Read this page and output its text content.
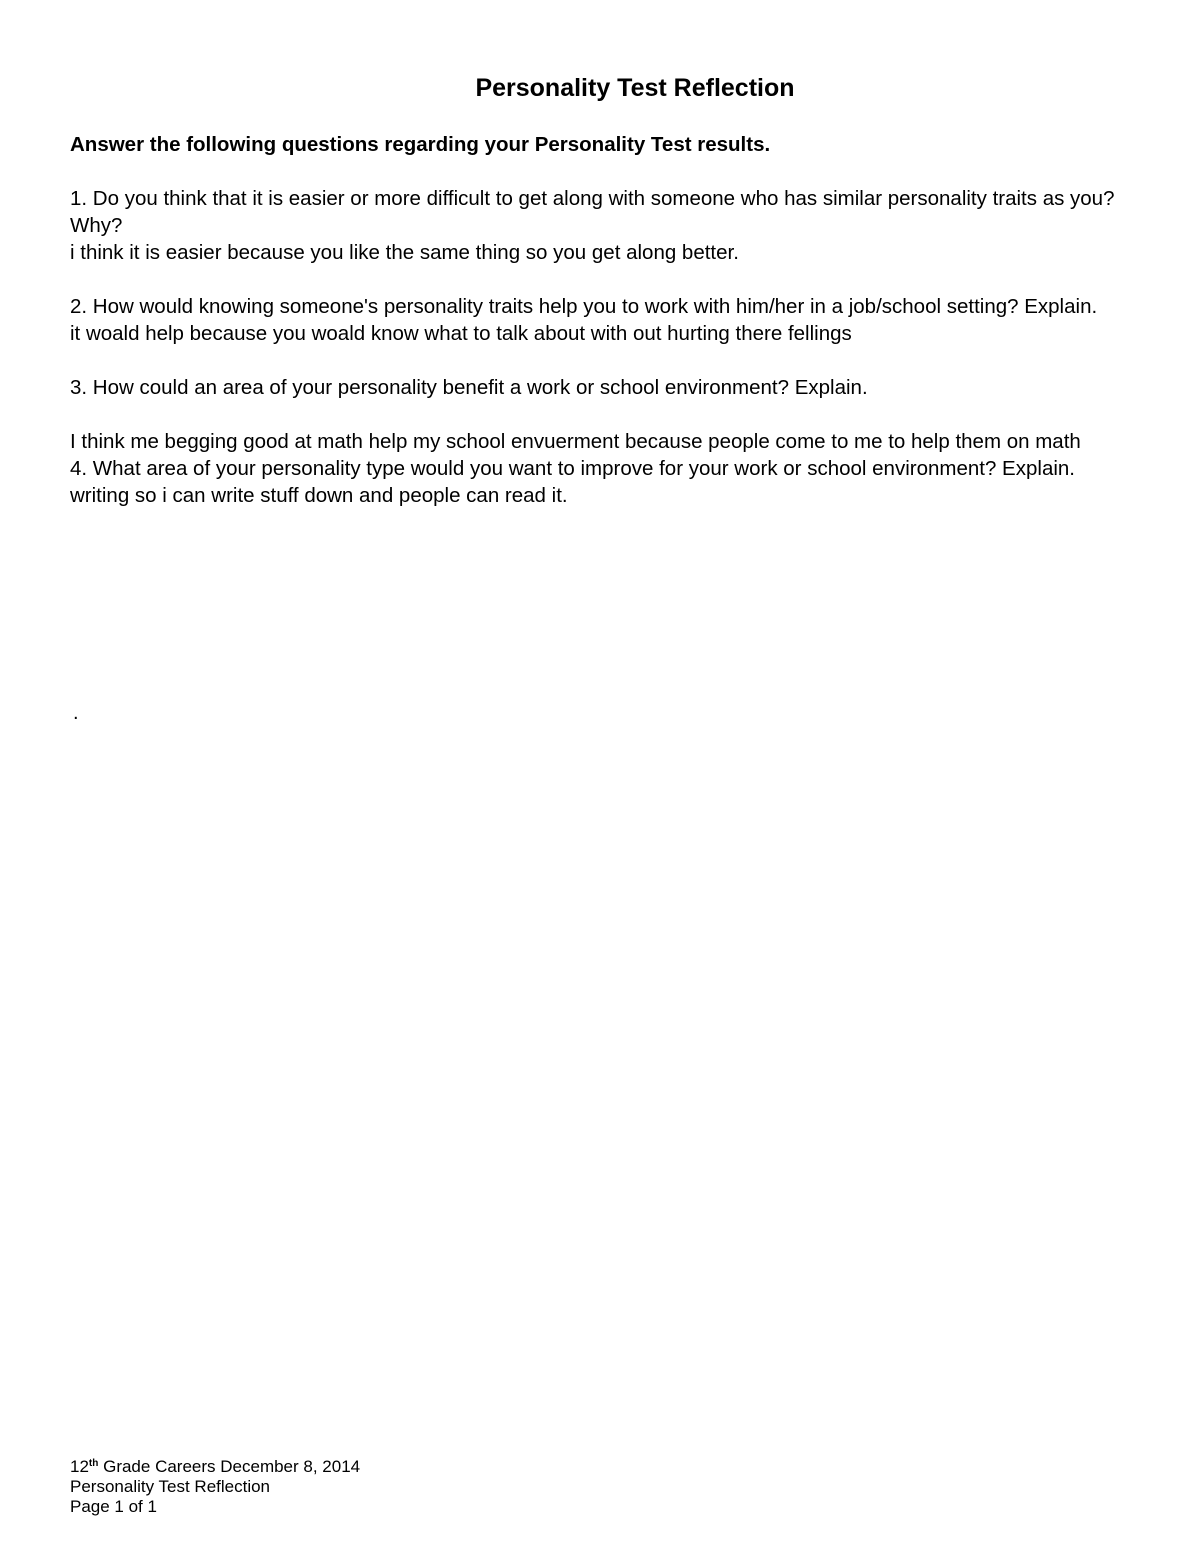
Personality Test Reflection

Answer the following questions regarding your Personality Test results.

1. Do you think that it is easier or more difficult to get along with someone who has similar personality traits as you? Why?

i think it is easier because you like the same thing so you get along better.

2. How would knowing someone's personality traits help you to work with him/her in a job/school setting? Explain.

it woald help because you woald know what to talk about with out hurting there fellings

3. How could an area of your personality benefit a work or school environment? Explain.

I think me begging good at math help my school envuerment because people come to me to help them on math

4. What area of your personality type would you want to improve for your work or school environment? Explain.

writing so i can write stuff down and people can read it.

.
12th Grade Careers December 8, 2014
Personality Test Reflection
Page 1 of 1
